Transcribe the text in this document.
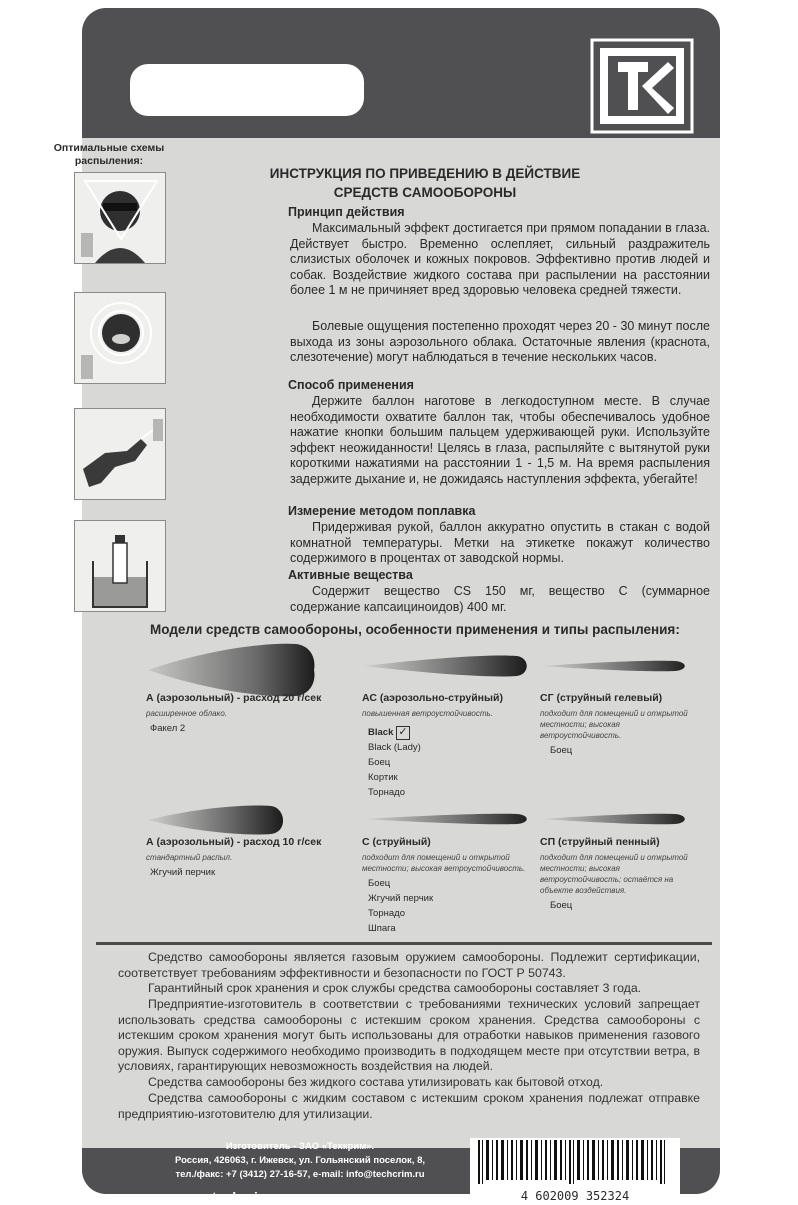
Оптимальные схемы распыления:
ИНСТРУКЦИЯ ПО ПРИВЕДЕНИЮ В ДЕЙСТВИЕ СРЕДСТВ САМООБОРОНЫ
Принцип действия

Максимальный эффект достигается при прямом попадании в глаза. Действует быстро. Временно ослепляет, сильный раздражитель слизистых оболочек и кожных покровов. Эффективно против людей и собак. Воздействие жидкого состава при распылении на расстоянии более 1 м не причиняет вред здоровью человека средней тяжести.

Болевые ощущения постепенно проходят через 20 - 30 минут после выхода из зоны аэрозольного облака. Остаточные явления (краснота, слезотечение) могут наблюдаться в течение нескольких часов.

Способ применения

Держите баллон наготове в легкодоступном месте. В случае необходимости охватите баллон так, чтобы обеспечивалось удобное нажатие кнопки большим пальцем удерживающей руки. Используйте эффект неожиданности! Целясь в глаза, распыляйте с вытянутой руки короткими нажатиями на расстоянии 1 - 1,5 м. На время распыления задержите дыхание и, не дожидаясь наступления эффекта, убегайте!

Измерение методом поплавка

Придерживая рукой, баллон аккуратно опустить в стакан с водой комнатной температуры. Метки на этикетке покажут количество содержимого в процентах от заводской нормы.

Активные вещества

Содержит вещество CS 150 мг, вещество С (суммарное содержание капсаициноидов) 400 мг.

Модели средств самообороны, особенности применения и типы распыления:
А (аэрозольный) - расход 20 г/сек
расширенное облако.
Факел 2
АС (аэрозольно-струйный)
повышенная ветроустойчивость.
Black ✓
Black (Lady)
Боец
Кортик
Торнадо
СГ (струйный гелевый)
подходит для помещений и открытой местности; высокая ветроустойчивость.
Боец
А (аэрозольный) - расход 10 г/сек
стандартный распыл.
Жгучий перчик
С (струйный)
подходит для помещений и открытой местности; высокая ветроустойчивость.
Боец
Жгучий перчик
Торнадо
Шпага
СП (струйный пенный)
подходит для помещений и открытой местности; высокая ветроустойчивость; остаётся на объекте воздействия.
Боец

Средство самообороны является газовым оружием самообороны. Подлежит сертификации, соответствует требованиям эффективности и безопасности по ГОСТ Р 50743.

Гарантийный срок хранения и срок службы средства самообороны составляет 3 года.

Предприятие-изготовитель в соответствии с требованиями технических условий запрещает использовать средства самообороны с истекшим сроком хранения. Средства самообороны с истекшим сроком хранения могут быть использованы для отработки навыков применения газового оружия. Выпуск содержимого необходимо производить в подходящем месте при отсутствии ветра, в условиях, гарантирующих невозможность воздействия на людей.

Средства самообороны без жидкого состава утилизировать как бытовой отход.

Средства самообороны с жидким составом с истекшим сроком хранения подлежат отправке предприятию-изготовителю для утилизации.

Изготовитель - ЗАО «Техкрим».
Россия, 426063, г. Ижевск, ул. Гольянский поселок, 8,
тел./факс: +7 (3412) 27-16-57, e-mail: info@techcrim.ru
www.techcrim.ru	4 602009 352324
